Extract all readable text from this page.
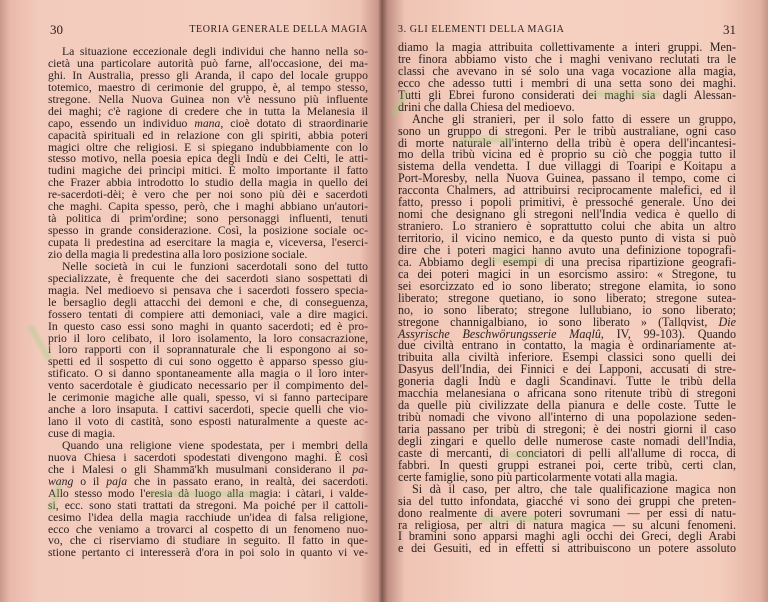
30	TEORIA GENERALE DELLA MAGIA
La situazione eccezionale degli individui che hanno nella so-
cietà una particolare autorità può farne, all'occasione, dei ma-
ghi. In Australia, presso gli Aranda, il capo del locale gruppo
totemico, maestro di cerimonie del gruppo, è, al tempo stesso,
stregone. Nella Nuova Guinea non v'è nessuno più influente
dei maghi; c'è ragione di credere che in tutta la Melanesia il
capo, essendo un individuo mana, cioè dotato di straordinarie
capacità spirituali ed in relazione con gli spiriti, abbia poteri
magici oltre che religiosi. E si spiegano indubbiamente con lo
stesso motivo, nella poesia epica degli Indù e dei Celti, le atti-
tudini magiche dei prìncipi mitici. È molto importante il fatto
che Frazer abbia introdotto lo studio della magia in quello dei
re-sacerdoti-dèi; è vero che per noi sono più dèi e sacerdoti
che maghi. Capita spesso, però, che i maghi abbiano un'autori-
tà politica di prim'ordine; sono personaggi influenti, tenuti
spesso in grande considerazione. Così, la posizione sociale oc-
cupata li predestina ad esercitare la magia e, viceversa, l'eserci-
zio della magia li predestina alla loro posizione sociale.
Nelle società in cui le funzioni sacerdotali sono del tutto
specializzate, è frequente che dei sacerdoti siano sospettati di
magia. Nel medioevo si pensava che i sacerdoti fossero specia-
le bersaglio degli attacchi dei demoni e che, di conseguenza,
fossero tentati di compiere atti demoniaci, vale a dire magici.
In questo caso essi sono maghi in quanto sacerdoti; ed è pro-
prio il loro celibato, il loro isolamento, la loro consacrazione,
i loro rapporti con il soprannaturale che li espongono ai so-
spetti ed il sospetto di cui sono oggetto è apparso spesso giu-
stificato. O si danno spontaneamente alla magia o il loro inter-
vento sacerdotale è giudicato necessario per il compimento del-
le cerimonie magiche alle quali, spesso, vi si fanno partecipare
anche a loro insaputa. I cattivi sacerdoti, specie quelli che vio-
lano il voto di castità, sono esposti naturalmente a queste ac-
cuse di magia.
Quando una religione viene spodestata, per i membri della
nuova Chiesa i sacerdoti spodestati divengono maghi. È così
che i Malesi o gli Shammā'kh musulmani considerano il pa-
wang o il paja che in passato erano, in realtà, dei sacerdoti.
Allo stesso modo l'eresia dà luogo alla magia: i càtari, i valde-
si, ecc. sono stati trattati da stregoni. Ma poiché per il cattoli-
cesimo l'idea della magia racchiude un'idea di falsa religione,
ecco che veniamo a trovarci al cospetto di un fenomeno nuo-
vo, che ci riserviamo di studiare in seguito. Il fatto in que-
stione pertanto ci interesserà d'ora in poi solo in quanto vi ve-
3. GLI ELEMENTI DELLA MAGIA	31
diamo la magia attribuita collettivamente a interi gruppi. Men-
tre finora abbiamo visto che i maghi venivano reclutati tra le
classi che avevano in sé solo una vaga vocazione alla magia,
ecco che adesso tutti i membri di una setta sono dei maghi.
Tutti gli Ebrei furono considerati dei maghi sia dagli Alessan-
drini che dalla Chiesa del medioevo.
Anche gli stranieri, per il solo fatto di essere un gruppo,
sono un gruppo di stregoni. Per le tribù australiane, ogni caso
di morte naturale all'interno della tribù è opera dell'incantesi-
mo della tribù vicina ed è proprio su ciò che poggia tutto il
sistema della vendetta. I due villaggi di Toaripi e Koitapu a
Port-Moresby, nella Nuova Guinea, passano il tempo, come ci
racconta Chalmers, ad attribuirsi reciprocamente malefici, ed il
fatto, presso i popoli primitivi, è pressoché generale. Uno dei
nomi che designano gli stregoni nell'India vedica è quello di
straniero. Lo straniero è soprattutto colui che abita un altro
territorio, il vicino nemico, e da questo punto di vista si può
dire che i poteri magici hanno avuto una definizione topografi-
ca. Abbiamo degli esempi di una precisa ripartizione geografi-
ca dei poteri magici in un esorcismo assiro: « Stregone, tu
sei esorcizzato ed io sono liberato; stregone elamita, io sono
liberato; stregone quetiano, io sono liberato; stregone sutea-
no, io sono liberato; stregone lullubiano, io sono liberato;
stregone channigalbiano, io sono liberato » (Tallqvist, Die
Assyrische Beschwörungsserie Maqlû, IV, 99-103). Quando
due civiltà entrano in contatto, la magia è ordinariamente at-
tribuita alla civiltà inferiore. Esempi classici sono quelli dei
Dasyus dell'India, dei Finnici e dei Lapponi, accusati di stre-
goneria dagli Indù e dagli Scandinavi. Tutte le tribù della
macchia melanesiana o africana sono ritenute tribù di stregoni
da quelle più civilizzate della pianura e delle coste. Tutte le
tribù nomadi che vivono all'interno di una popolazione seden-
taria passano per tribù di stregoni; è dei nostri giorni il caso
degli zingari e quello delle numerose caste nomadi dell'India,
caste di mercanti, di conciatori di pelli all'allume di rocca, di
fabbri. In questi gruppi estranei poi, certe tribù, certi clan,
certe famiglie, sono più particolarmente votati alla magia.
Si dà il caso, per altro, che tale qualificazione magica non
sia del tutto infondata, giacché vi sono dei gruppi che preten-
dono realmente di avere poteri sovrumani — per essi di natu-
ra religiosa, per altri di natura magica — su alcuni fenomeni.
I bramini sono apparsi maghi agli occhi dei Greci, degli Arabi
e dei Gesuiti, ed in effetti si attribuiscono un potere assoluto
